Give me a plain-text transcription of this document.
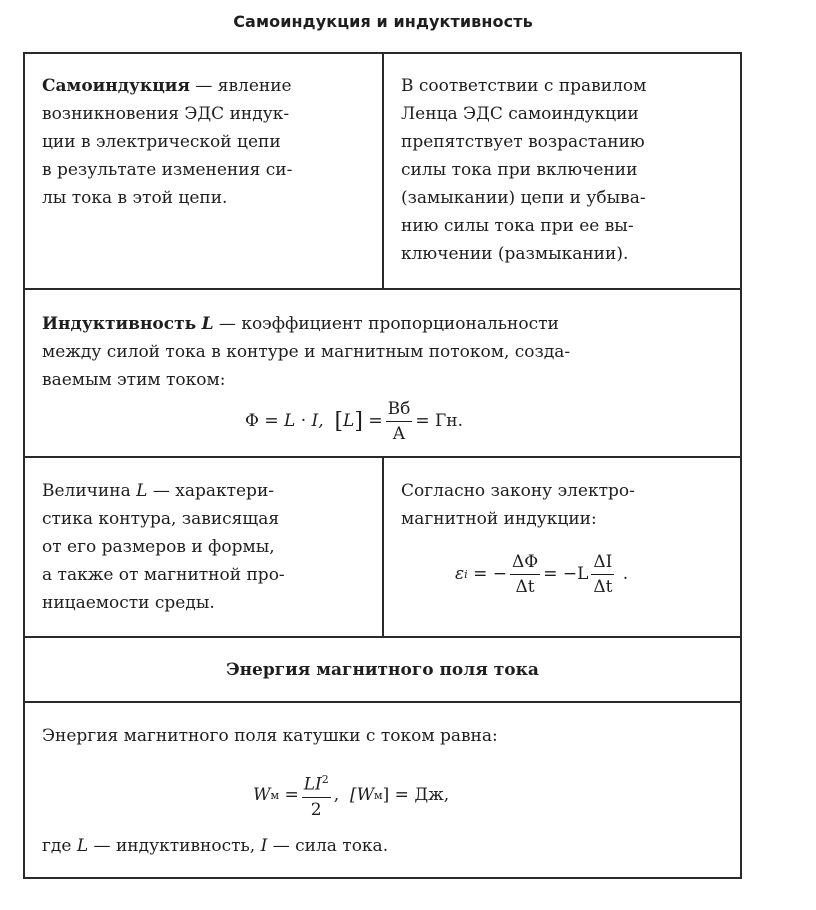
Самоиндукция и индуктивность

Самоиндукция — явление

возникновения ЭДС индук-

ции в электрической цепи

в результате изменения си-

лы тока в этой цепи.

В соответствии с правилом

Ленца ЭДС самоиндукции

препятствует возрастанию

силы тока при включении

(замыкании) цепи и убыва-

нию силы тока при ее вы-

ключении (размыкании).

Индуктивность L — коэффициент пропорциональности

между силой тока в контуре и магнитным потоком, созда-

ваемым этим током:

Φ
=
L
·
I,
[ L ]
= $\frac{Вб}{А}$ =
Гн.

Величина L — характери-

стика контура, зависящая

от его размеров и формы,

а также от магнитной про-

ницаемости среды.

Согласно закону электро-

магнитной индукции:

ε i
= − $\frac{\Delta\Phi}{\Delta t} = -L \frac{\Delta I}{\Delta t}$
.
Энергия магнитного поля тока

Энергия магнитного поля катушки с током равна:

W м
= $\frac{LI^2}{2}$ ,
[W м ]
=
Дж,

где L — индуктивность, I — сила тока.
